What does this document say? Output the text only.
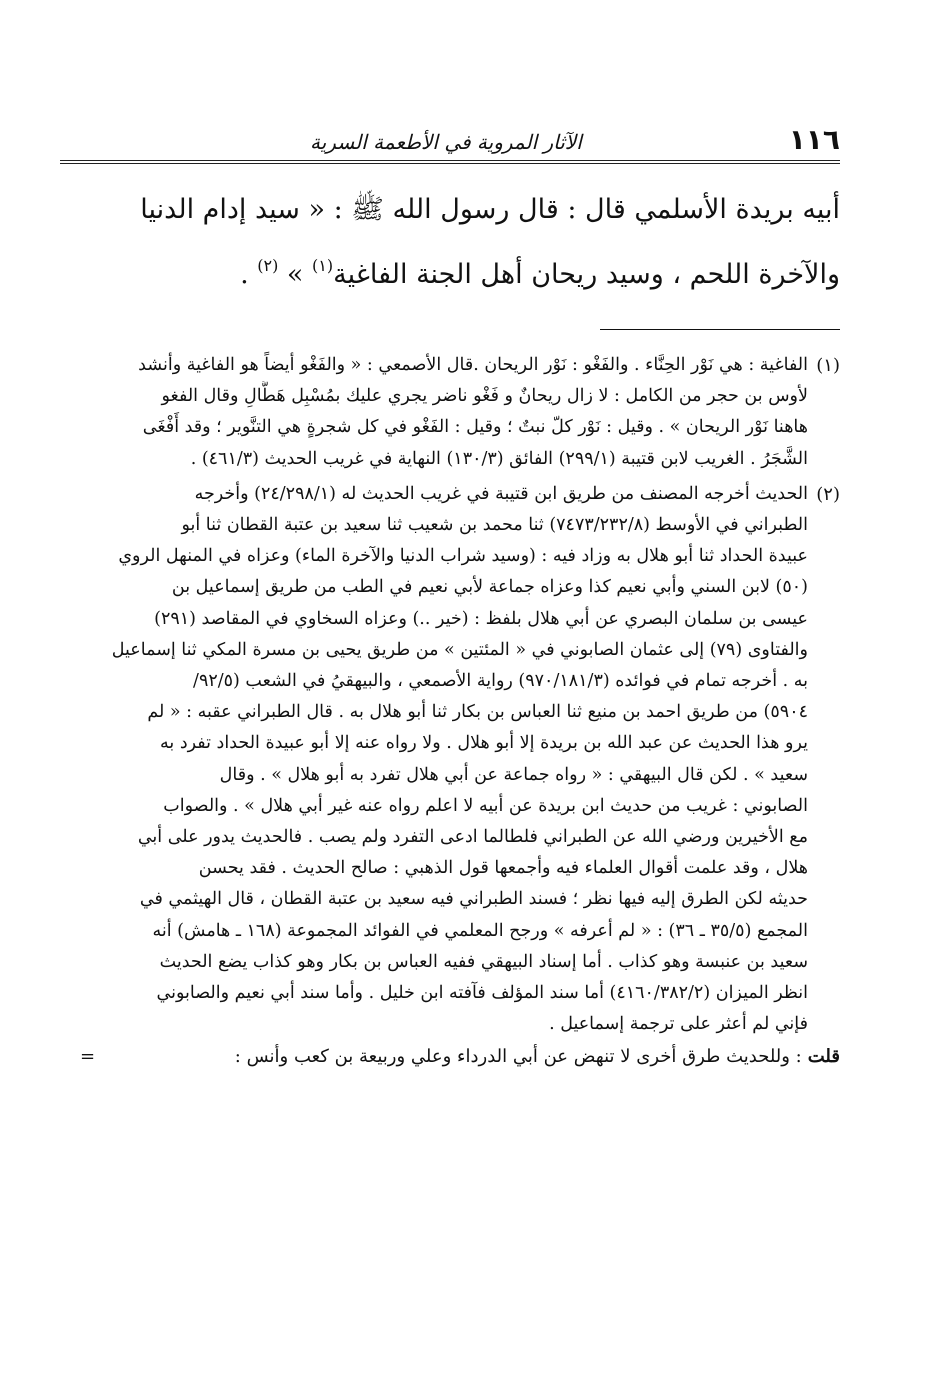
١١٦
الآثار المروية في الأطعمة السرية
أبيه بريدة الأسلمي قال : قال رسول الله ﷺ : « سيد إدام الدنيا
والآخرة اللحم ، وسيد ريحان أهل الجنة الفاغية$^{(١)}$ » $^{(٢)}$ .
(١)
الفاغية : هي نَوْر الحِنَّاء . والفَغْو : نَوْر الريحان .قال الأصمعي : « والفَغْو أيضاً هو الفاغية وأنشد
لأوس بن حجر من الكامل : لا زال ريحانٌ و فَغْو ناضر يجري عليك بمُسْبِل هَطَّالِ وقال الفغو
هاهنا نَوْر الريحان » . وقيل : نَوْر كلّ نبتٌ ؛ وقيل : الفَغْو في كل شجرةٍ هي التنَّوير ؛ وقد أَفْغَى
الشَّجَرُ . الغريب لابن قتيبة (٢٩٩/١) الفائق (١٣٠/٣) النهاية في غريب الحديث (٤٦١/٣) .
(٢)
الحديث أخرجه المصنف من طريق ابن قتيبة في غريب الحديث له (٢٤/٢٩٨/١) وأخرجه
الطبراني في الأوسط (٧٤٧٣/٢٣٢/٨) ثنا محمد بن شعيب ثنا سعيد بن عتبة القطان ثنا أبو
عبيدة الحداد ثنا أبو هلال به وزاد فيه : (وسيد شراب الدنيا والآخرة الماء) وعزاه في المنهل الروي
(٥٠) لابن السني وأبي نعيم كذا وعزاه جماعة لأبي نعيم في الطب من طريق إسماعيل بن
عيسى بن سلمان البصري عن أبي هلال بلفظ : (خير ..) وعزاه السخاوي في المقاصد (٢٩١)
والفتاوى (٧٩) إلى عثمان الصابوني في « المئتين » من طريق يحيى بن مسرة المكي ثنا إسماعيل
به . أخرجه تمام في فوائده (٩٧٠/١٨١/٣) رواية الأصمعي ، والبيهقيُ في الشعب (٩٢/٥/
٥٩٠٤) من طريق احمد بن منيع ثنا العباس بن بكار ثنا أبو هلال به . قال الطبراني عقبه : « لم
يرو هذا الحديث عن عبد الله بن بريدة إلا أبو هلال . ولا رواه عنه إلا أبو عبيدة الحداد تفرد به
سعيد » . لكن قال البيهقي : « رواه جماعة عن أبي هلال تفرد به أبو هلال » . وقال
الصابوني : غريب من حديث ابن بريدة عن أبيه لا اعلم رواه عنه غير أبي هلال » . والصواب
مع الأخيرين ورضي الله عن الطبراني فلطالما ادعى التفرد ولم يصب . فالحديث يدور على أبي
هلال ، وقد علمت أقوال العلماء فيه وأجمعها قول الذهبي : صالح الحديث . فقد يحسن
حديثه لكن الطرق إليه فيها نظر ؛ فسند الطبراني فيه سعيد بن عتبة القطان ، قال الهيثمي في
المجمع (٣٥/٥ ـ ٣٦) : « لم أعرفه » ورجح المعلمي في الفوائد المجموعة (١٦٨ ـ هامش) أنه
سعيد بن عنبسة وهو كذاب . أما إسناد البيهقي ففيه العباس بن بكار وهو كذاب يضع الحديث
انظر الميزان (٤١٦٠/٣٨٢/٢) أما سند المؤلف فآفته ابن خليل . وأما سند أبي نعيم والصابوني
فإني لم أعثر على ترجمة إسماعيل .
قلت
: وللحديث طرق أخرى لا تنهض عن أبي الدرداء وعلي وربيعة بن كعب وأنس :
=
